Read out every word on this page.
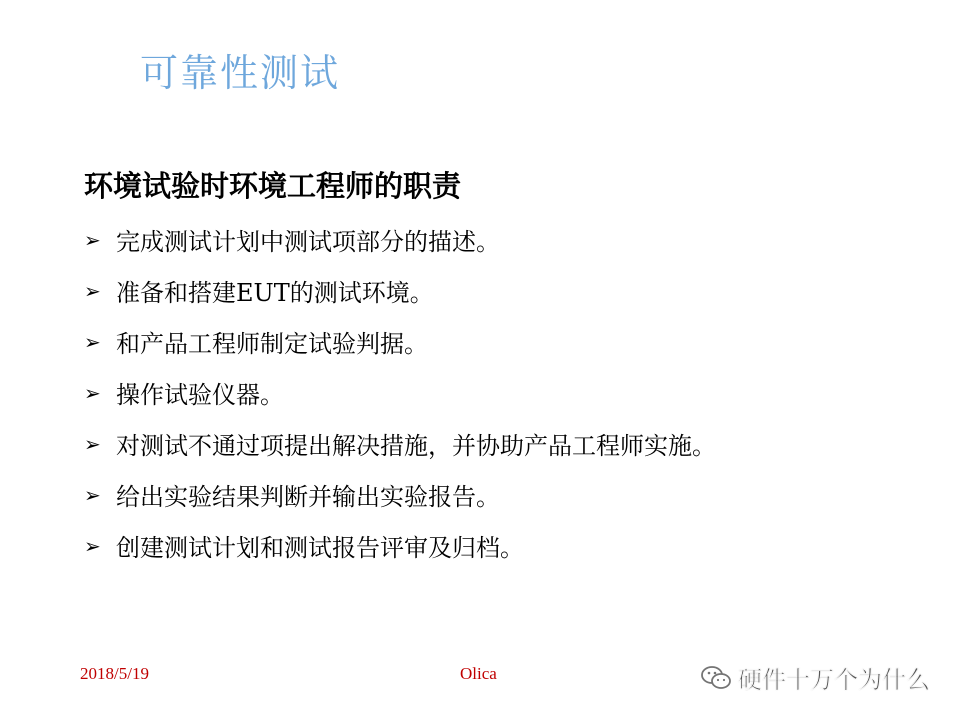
可靠性测试
环境试验时环境工程师的职责
➢ 完成测试计划中测试项部分的描述。
➢ 准备和搭建EUT的测试环境。
➢ 和产品工程师制定试验判据。
➢ 操作试验仪器。
➢ 对测试不通过项提出解决措施，并协助产品工程师实施。
➢ 给出实验结果判断并输出实验报告。
➢ 创建测试计划和测试报告评审及归档。
2018/5/19	Olica	硬件十万个为什么
